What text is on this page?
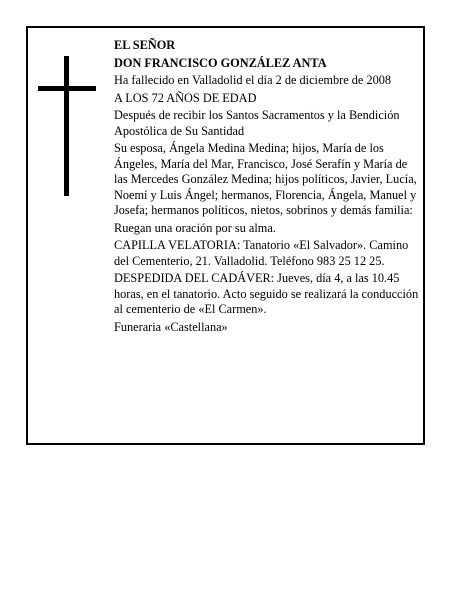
EL SEÑOR

DON FRANCISCO GONZÁLEZ ANTA

Ha fallecido en Valladolid el día 2 de diciembre de 2008

A LOS 72 AÑOS DE EDAD

Después de recibir los Santos Sacramentos y la Bendición Apostólica de Su Santidad

Su esposa, Ángela Medina Medina; hijos, María de los Ángeles, María del Mar, Francisco, José Serafín y María de las Mercedes González Medina; hijos políticos, Javier, Lucía, Noemí y Luis Ángel; hermanos, Florencia, Ángela, Manuel y Josefa; hermanos políticos, nietos, sobrinos y demás familia:

Ruegan una oración por su alma.

CAPILLA VELATORIA: Tanatorio «El Salvador». Camino del Cementerio, 21. Valladolid. Teléfono 983 25 12 25.

DESPEDIDA DEL CADÁVER: Jueves, día 4, a las 10.45 horas, en el tanatorio. Acto seguido se realizará la conducción al cementerio de «El Carmen».

Funeraria «Castellana»
